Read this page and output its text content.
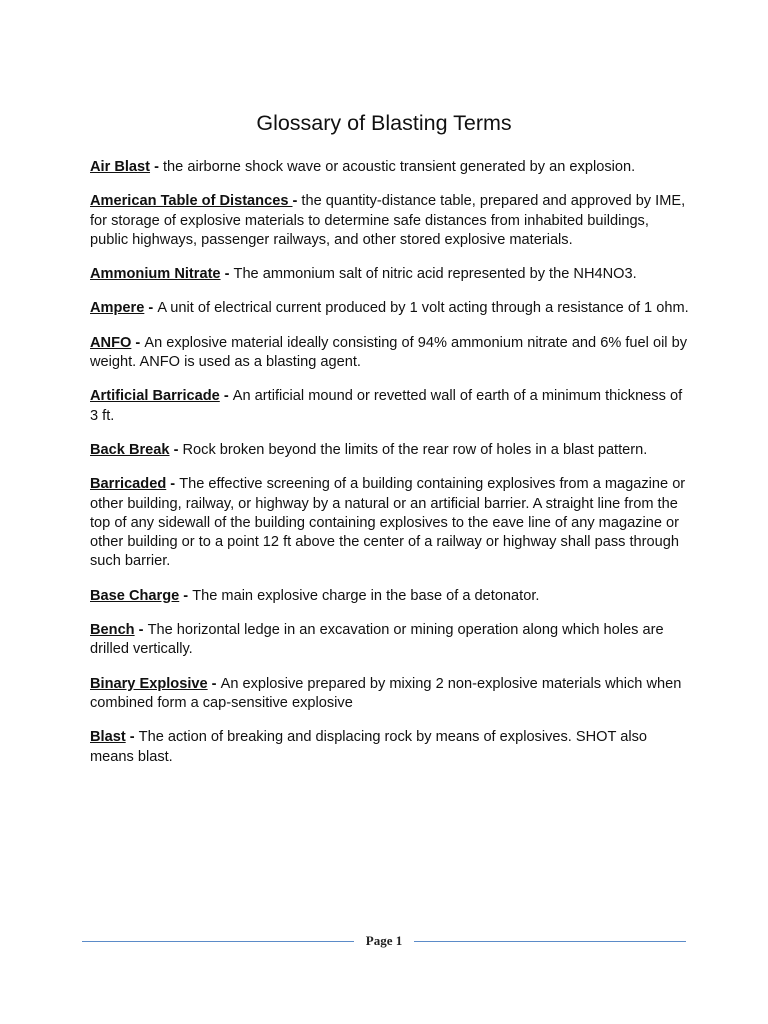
Glossary of Blasting Terms

Air Blast - the airborne shock wave or acoustic transient generated by an explosion.

American Table of Distances - the quantity-distance table, prepared and approved by IME, for storage of explosive materials to determine safe distances from inhabited buildings, public highways, passenger railways, and other stored explosive materials.

Ammonium Nitrate - The ammonium salt of nitric acid represented by the NH4NO3.

Ampere - A unit of electrical current produced by 1 volt acting through a resistance of 1 ohm.

ANFO - An explosive material ideally consisting of 94% ammonium nitrate and 6% fuel oil by weight. ANFO is used as a blasting agent.

Artificial Barricade - An artificial mound or revetted wall of earth of a minimum thickness of 3 ft.

Back Break - Rock broken beyond the limits of the rear row of holes in a blast pattern.

Barricaded - The effective screening of a building containing explosives from a magazine or other building, railway, or highway by a natural or an artificial barrier. A straight line from the top of any sidewall of the building containing explosives to the eave line of any magazine or other building or to a point 12 ft above the center of a railway or highway shall pass through such barrier.

Base Charge - The main explosive charge in the base of a detonator.

Bench - The horizontal ledge in an excavation or mining operation along which holes are drilled vertically.

Binary Explosive - An explosive prepared by mixing 2 non-explosive materials which when combined form a cap-sensitive explosive

Blast - The action of breaking and displacing rock by means of explosives. SHOT also means blast.

Page 1
